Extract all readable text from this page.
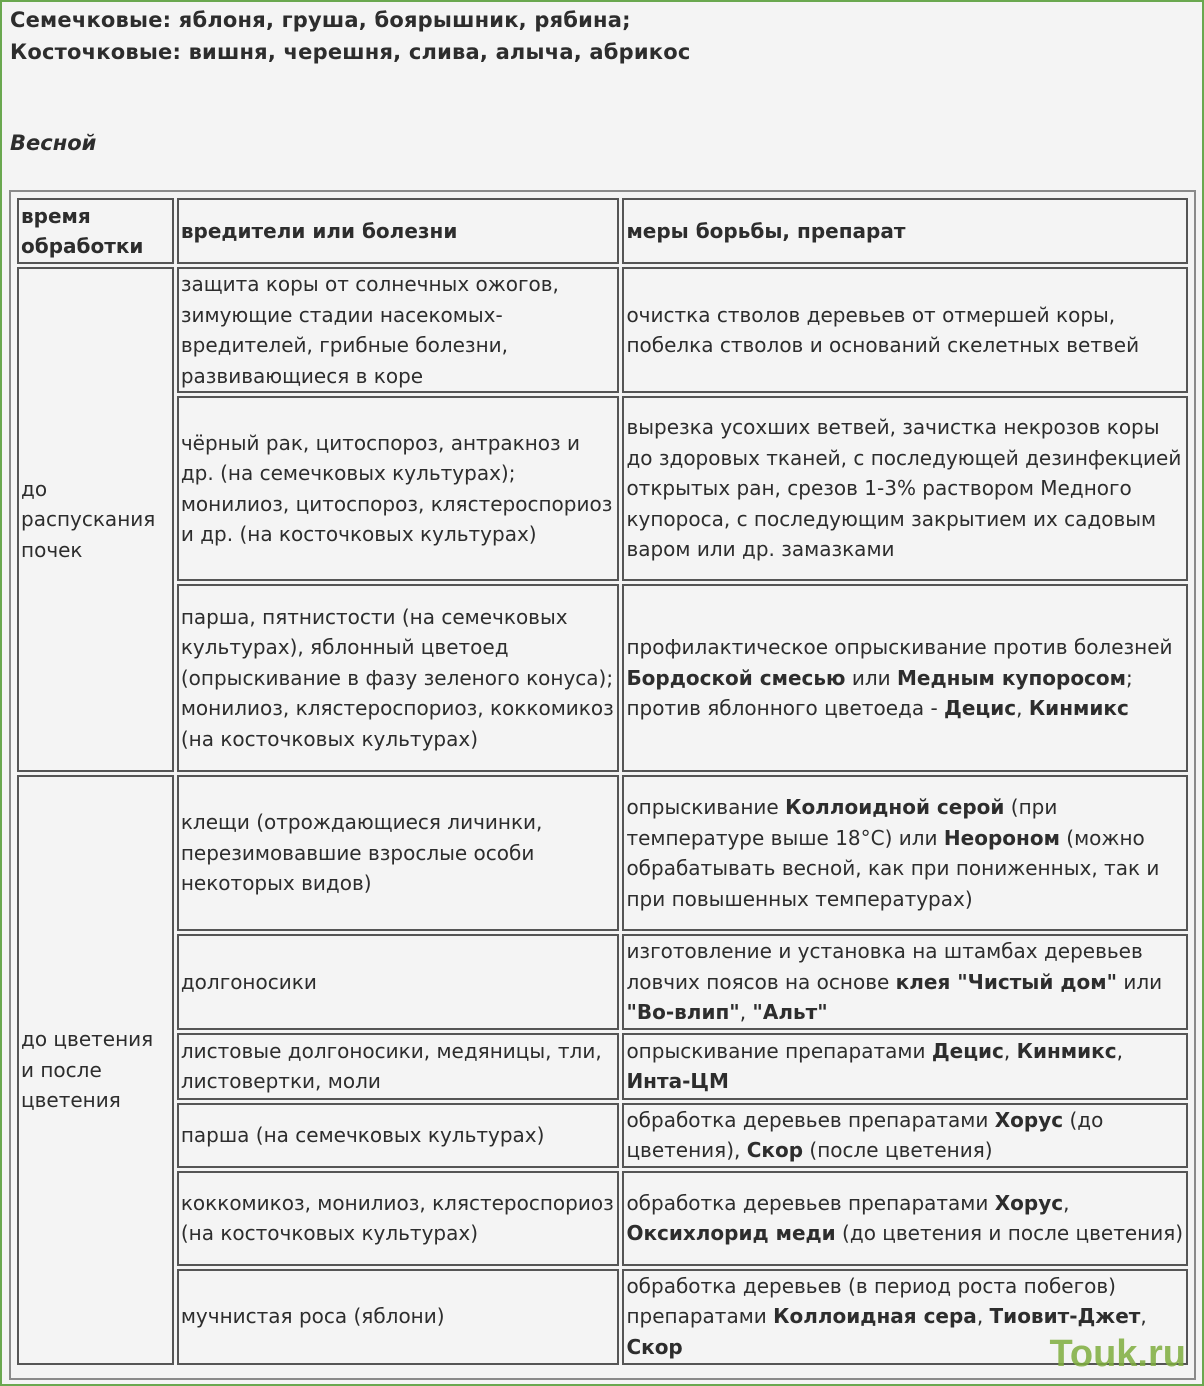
Семечковые: яблоня, груша, боярышник, рябина;
Косточковые: вишня, черешня, слива, алыча, абрикос
Весной
время обработки	вредители или болезни	меры борьбы, препарат
до распускания почек	защита коры от солнечных ожогов, зимующие стадии насекомых-вредителей, грибные болезни, развивающиеся в коре	очистка стволов деревьев от отмершей коры, побелка стволов и оснований скелетных ветвей
	чёрный рак, цитоспороз, антракноз и др. (на семечковых культурах); монилиоз, цитоспороз, клястероспориоз и др. (на косточковых культурах)	вырезка усохших ветвей, зачистка некрозов коры до здоровых тканей, с последующей дезинфекцией открытых ран, срезов 1-3% раствором Медного купороса, с последующим закрытием их садовым варом или др. замазками
	парша, пятнистости (на семечковых культурах), яблонный цветоед (опрыскивание в фазу зеленого конуса); монилиоз, клястероспориоз, коккомикоз (на косточковых культурах)	профилактическое опрыскивание против болезней Бордоской смесью или Медным купоросом; против яблонного цветоеда - Децис, Кинмикс
до цветения и после цветения	клещи (отрождающиеся личинки, перезимовавшие взрослые особи некоторых видов)	опрыскивание Коллоидной серой (при температуре выше 18°С) или Неороном (можно обрабатывать весной, как при пониженных, так и при повышенных температурах)
	долгоносики	изготовление и установка на штамбах деревьев ловчих поясов на основе клея "Чистый дом" или "Во-влип", "Альт"
	листовые долгоносики, медяницы, тли, листовертки, моли	опрыскивание препаратами Децис, Кинмикс, Инта-ЦМ
	парша (на семечковых культурах)	обработка деревьев препаратами Хорус (до цветения), Скор (после цветения)
	коккомикоз, монилиоз, клястероспориоз (на косточковых культурах)	обработка деревьев препаратами Хорус, Оксихлорид меди (до цветения и после цветения)
	мучнистая роса (яблони)	обработка деревьев (в период роста побегов) препаратами Коллоидная сера, Тиовит-Джет, Скор	Touk.ru
